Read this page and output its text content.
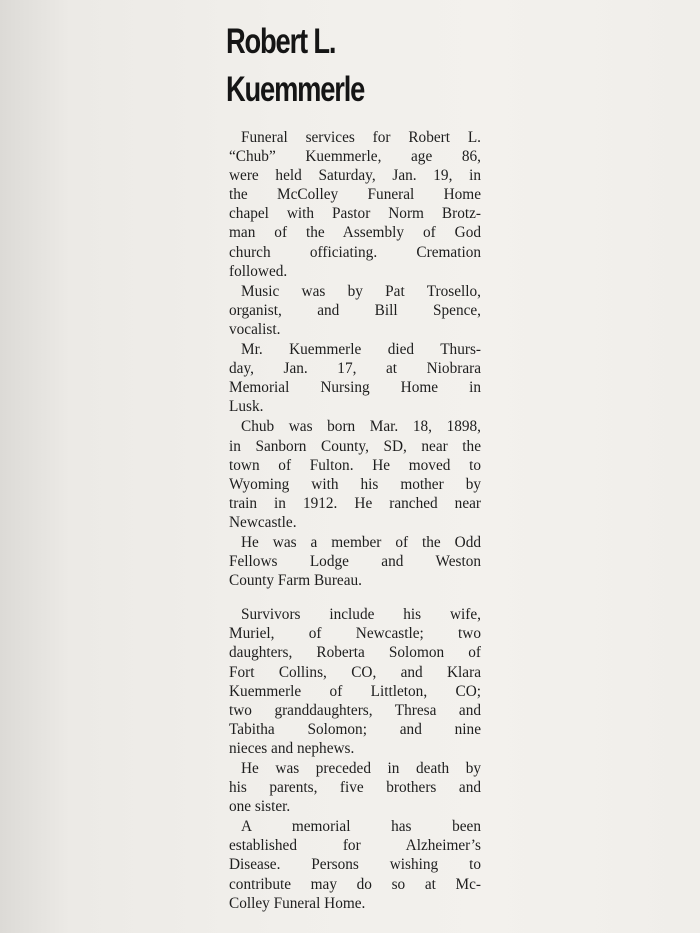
Robert L.
Kuemmerle
Funeral services for Robert L.
“Chub” Kuemmerle, age 86,
were held Saturday, Jan. 19, in
the McColley Funeral Home
chapel with Pastor Norm Brotz-
man of the Assembly of God
church officiating. Cremation
followed.
Music was by Pat Trosello,
organist, and Bill Spence,
vocalist.
Mr. Kuemmerle died Thurs-
day, Jan. 17, at Niobrara
Memorial Nursing Home in
Lusk.
Chub was born Mar. 18, 1898,
in Sanborn County, SD, near the
town of Fulton. He moved to
Wyoming with his mother by
train in 1912. He ranched near
Newcastle.
He was a member of the Odd
Fellows Lodge and Weston
County Farm Bureau.
Survivors include his wife,
Muriel, of Newcastle; two
daughters, Roberta Solomon of
Fort Collins, CO, and Klara
Kuemmerle of Littleton, CO;
two granddaughters, Thresa and
Tabitha Solomon; and nine
nieces and nephews.
He was preceded in death by
his parents, five brothers and
one sister.
A memorial has been
established for Alzheimer’s
Disease. Persons wishing to
contribute may do so at Mc-
Colley Funeral Home.
